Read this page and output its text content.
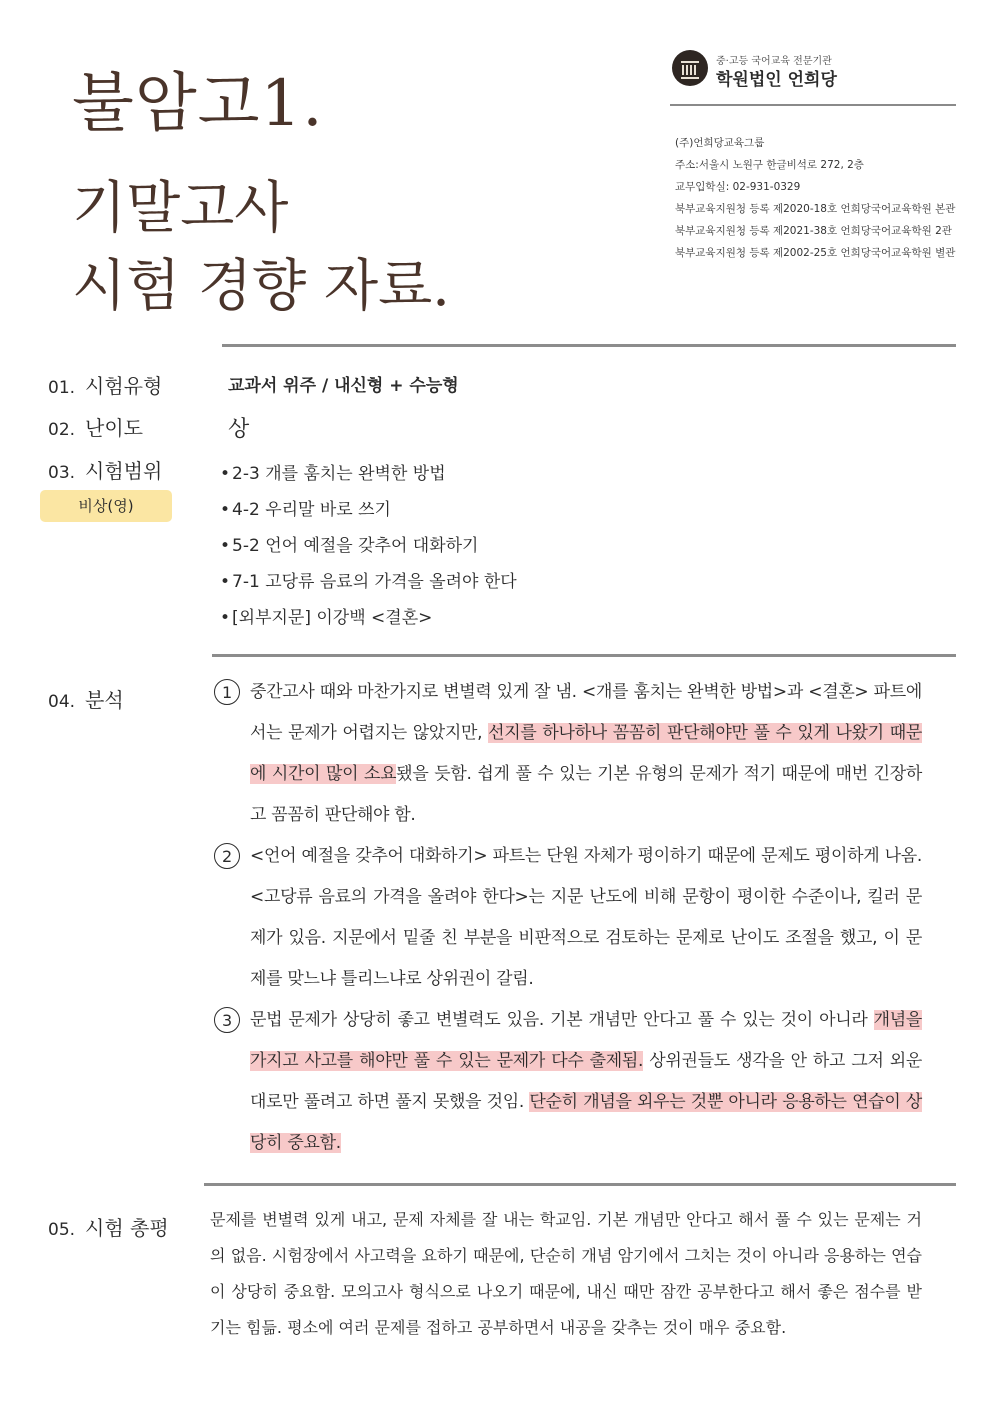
불암고1.
기말고사
시험 경향 자료.
중·고등 국어교육 전문기관
학원법인 언희당
(주)언희당교육그룹
주소:서울시 노원구 한글비석로 272, 2층
교무입학실: 02-931-0329
북부교육지원청 등록 제2020-18호 언희당국어교육학원 본관
북부교육지원청 등록 제2021-38호 언희당국어교육학원 2관
북부교육지원청 등록 제2002-25호 언희당국어교육학원 별관
01. 시험유형	교과서 위주 / 내신형 + 수능형
02. 난이도	상
03. 시험범위
비상(영)
• 2-3 개를 훔치는 완벽한 방법
• 4-2 우리말 바로 쓰기
• 5-2 언어 예절을 갖추어 대화하기
• 7-1 고당류 음료의 가격을 올려야 한다
• [외부지문] 이강백 <결혼>
04. 분석	1	중간고사 때와 마찬가지로 변별력 있게 잘 냄. <개를 훔치는 완벽한 방법>과 <결혼> 파트에서는 문제가 어렵지는 않았지만, 선지를 하나하나 꼼꼼히 판단해야만 풀 수 있게 나왔기 때문에 시간이 많이 소요됐을 듯함. 쉽게 풀 수 있는 기본 유형의 문제가 적기 때문에 매번 긴장하고 꼼꼼히 판단해야 함.
2	<언어 예절을 갖추어 대화하기> 파트는 단원 자체가 평이하기 때문에 문제도 평이하게 나옴. <고당류 음료의 가격을 올려야 한다>는 지문 난도에 비해 문항이 평이한 수준이나, 킬러 문제가 있음. 지문에서 밑줄 친 부분을 비판적으로 검토하는 문제로 난이도 조절을 했고, 이 문제를 맞느냐 틀리느냐로 상위권이 갈림.
3	문법 문제가 상당히 좋고 변별력도 있음. 기본 개념만 안다고 풀 수 있는 것이 아니라 개념을 가지고 사고를 해야만 풀 수 있는 문제가 다수 출제됨. 상위권들도 생각을 안 하고 그저 외운 대로만 풀려고 하면 풀지 못했을 것임. 단순히 개념을 외우는 것뿐 아니라 응용하는 연습이 상당히 중요함.
05. 시험 총평	문제를 변별력 있게 내고, 문제 자체를 잘 내는 학교임. 기본 개념만 안다고 해서 풀 수 있는 문제는 거의 없음. 시험장에서 사고력을 요하기 때문에, 단순히 개념 암기에서 그치는 것이 아니라 응용하는 연습이 상당히 중요함. 모의고사 형식으로 나오기 때문에, 내신 때만 잠깐 공부한다고 해서 좋은 점수를 받기는 힘듦. 평소에 여러 문제를 접하고 공부하면서 내공을 갖추는 것이 매우 중요함.
